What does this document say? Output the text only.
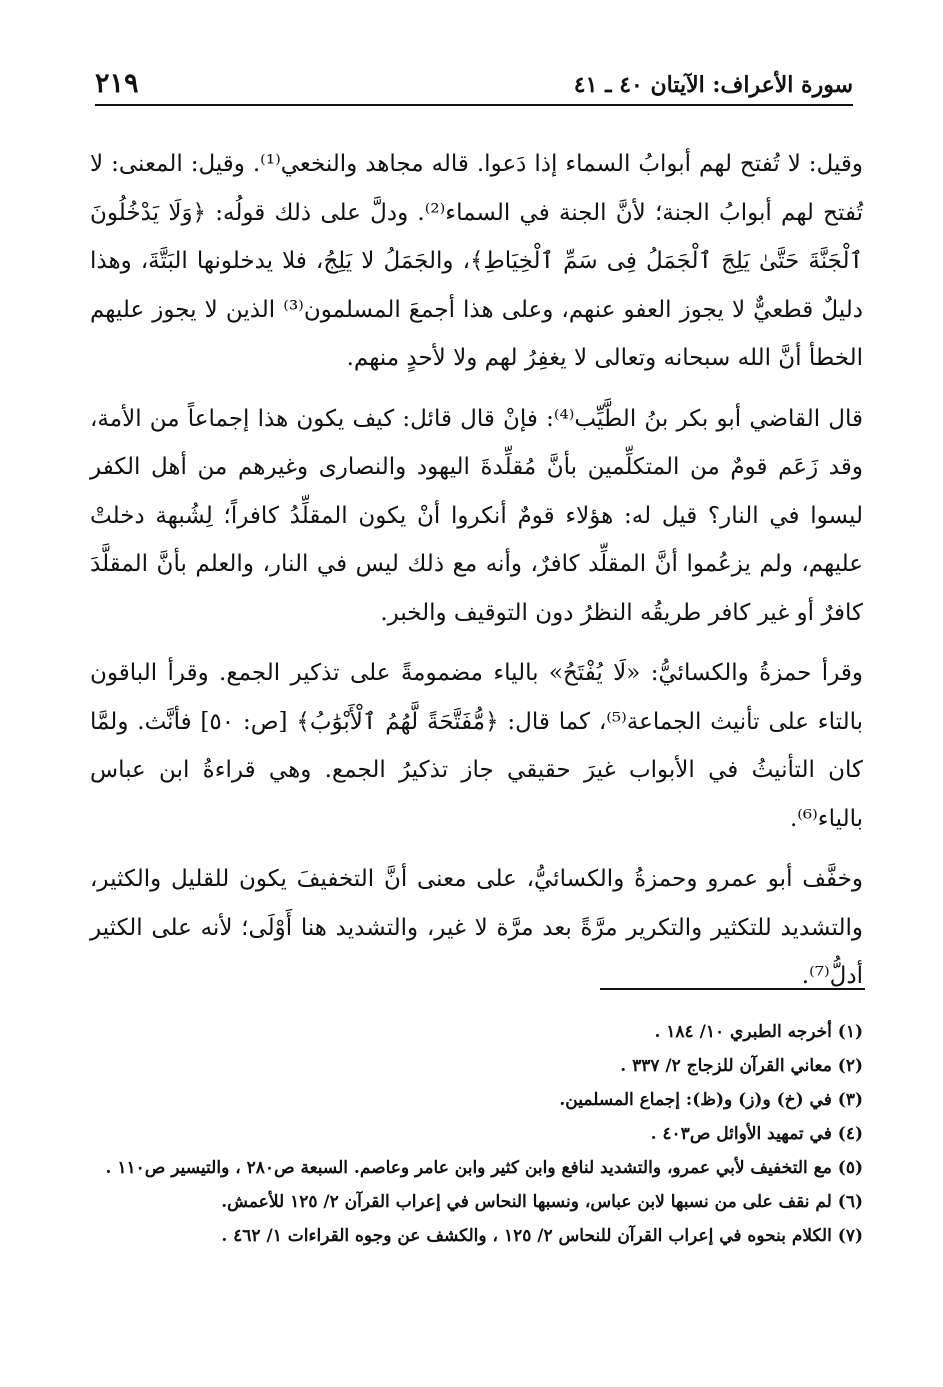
سورة الأعراف: الآيتان ٤٠ ـ ٤١
٢١٩

وقيل: لا تُفتح لهم أبوابُ السماء إذا دَعوا. قاله مجاهد والنخعي⁽¹⁾. وقيل: المعنى: لا تُفتح لهم أبوابُ الجنة؛ لأنَّ الجنة في السماء⁽²⁾. ودلَّ على ذلك قولُه: ﴿وَلَا يَدْخُلُونَ ٱلْجَنَّةَ حَتَّىٰ يَلِجَ ٱلْجَمَلُ فِى سَمِّ ٱلْخِيَاطِ﴾، والجَمَلُ لا يَلِجُ، فلا يدخلونها البَتَّةَ، وهذا دليلٌ قطعيٌّ لا يجوز العفو عنهم، وعلى هذا أجمعَ المسلمون⁽³⁾ الذين لا يجوز عليهم الخطأ أنَّ الله سبحانه وتعالى لا يغفِرُ لهم ولا لأحدٍ منهم.

قال القاضي أبو بكر بنُ الطَّيِّب⁽⁴⁾: فإنْ قال قائل: كيف يكون هذا إجماعاً من الأمة، وقد زَعَم قومٌ من المتكلِّمين بأنَّ مُقلِّدةَ اليهود والنصارى وغيرهم من أهل الكفر ليسوا في النار؟ قيل له: هؤلاء قومٌ أنكروا أنْ يكون المقلِّدُ كافراً؛ لِشُبهة دخلتْ عليهم، ولم يزعُموا أنَّ المقلِّد كافرٌ، وأنه مع ذلك ليس في النار، والعلم بأنَّ المقلَّدَ كافرٌ أو غير كافر طريقُه النظرُ دون التوقيف والخبر.

وقرأ حمزةُ والكسائيُّ: «لَا يُفْتَحُ» بالياء مضمومةً على تذكير الجمع. وقرأ الباقون بالتاء على تأنيث الجماعة⁽⁵⁾، كما قال: ﴿مُّفَتَّحَةً لَّهُمُ ٱلْأَبْوَٰبُ﴾ [ص: ٥٠] فأنَّث. ولمَّا كان التأنيثُ في الأبواب غيرَ حقيقي جاز تذكيرُ الجمع. وهي قراءةُ ابن عباس بالياء⁽⁶⁾.

وخفَّف أبو عمرو وحمزةُ والكسائيُّ، على معنى أنَّ التخفيفَ يكون للقليل والكثير، والتشديد للتكثير والتكرير مرَّةً بعد مرَّة لا غير، والتشديد هنا أَوْلَى؛ لأنه على الكثير أدلُّ⁽⁷⁾.

(١) أخرجه الطبري ١٠/ ١٨٤ .
(٢) معاني القرآن للزجاج ٢/ ٣٣٧ .
(٣) في (خ) و(ز) و(ظ): إجماع المسلمين.
(٤) في تمهيد الأوائل ص٤٠٣ .
(٥) مع التخفيف لأبي عمرو، والتشديد لنافع وابن كثير وابن عامر وعاصم. السبعة ص٢٨٠ ، والتيسير ص١١٠ .
(٦) لم نقف على من نسبها لابن عباس، ونسبها النحاس في إعراب القرآن ٢/ ١٢٥ للأعمش.
(٧) الكلام بنحوه في إعراب القرآن للنحاس ٢/ ١٢٥ ، والكشف عن وجوه القراءات ١/ ٤٦٢ .
